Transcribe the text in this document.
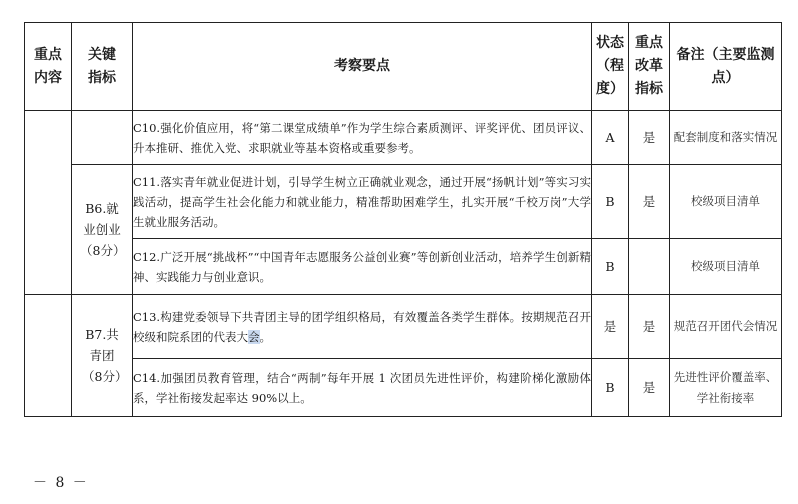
重点内容	关键指标	考察要点	状态（程度）	重点改革指标	备注（主要监测点）
		C10.强化价值应用，将“第二课堂成绩单”作为学生综合素质测评、评奖评优、团员评议、升本推研、推优入党、求职就业等基本资格或重要参考。	A	是	配套制度和落实情况
	B6.就业创业（8分）	C11.落实青年就业促进计划，引导学生树立正确就业观念，通过开展“扬帆计划”等实习实践活动，提高学生社会化能力和就业能力，精准帮助困难学生，扎实开展“千校万岗”大学生就业服务活动。	B	是	校级项目清单
		C12.广泛开展“挑战杯”“中国青年志愿服务公益创业赛”等创新创业活动，培养学生创新精神、实践能力与创业意识。	B		校级项目清单

	B7.共青团（8分）	C13.构建党委领导下共青团主导的团学组织格局，有效覆盖各类学生群体。按期规范召开校级和院系团的代表大会。	是	是	规范召开团代会情况
		C14.加强团员教育管理，结合“两制”每年开展 1 次团员先进性评价，构建阶梯化激励体系，学社衔接发起率达 90%以上。	B	是	先进性评价覆盖率、学社衔接率
－ 8 －
